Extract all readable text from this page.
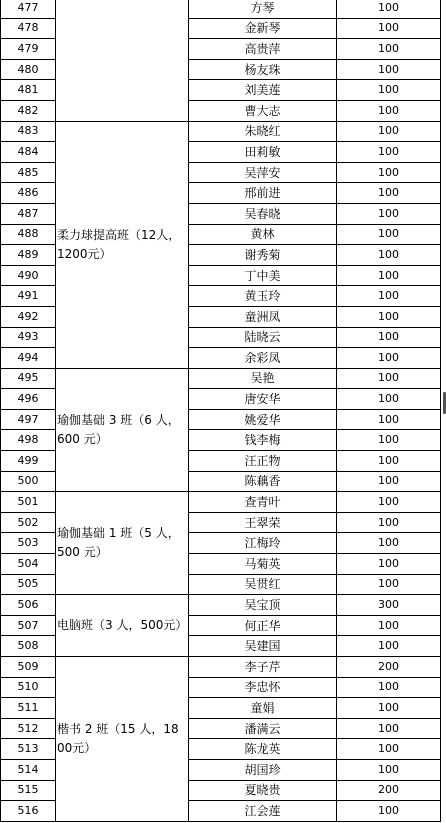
477		方琴	100
478		金新琴	100
479		高贵萍	100
480		杨友珠	100
481		刘美莲	100
482		曹大志	100
483	柔力球提高班（12人，1200元）	朱晓红	100
484		田莉敏	100
485		吴萍安	100
486		邢前进	100
487		吴春晓	100
488		黄林	100
489		谢秀菊	100
490		丁中美	100
491		黄玉玲	100
492		童洲凤	100
493		陆晓云	100
494		余彩凤	100
495	瑜伽基础 3 班（6 人，600 元）	吴艳	100
496		唐安华	100
497		姚爱华	100
498		钱李梅	100
499		汪正物	100
500		陈藕香	100
501	瑜伽基础 1 班（5 人，500 元）	查青叶	100
502		王翠荣	100
503		江梅玲	100
504		马菊英	100
505		吴贯红	100
506	电脑班（3 人，500元）	吴宝顶	300
507		何正华	100
508		吴建国	100
509	楷书 2 班（15 人，1800元）	李子芹	200
510		李忠怀	100
511		童娟	100
512		潘满云	100
513		陈龙英	100
514		胡国珍	100
515		夏晓贵	200
516		江会莲	100
